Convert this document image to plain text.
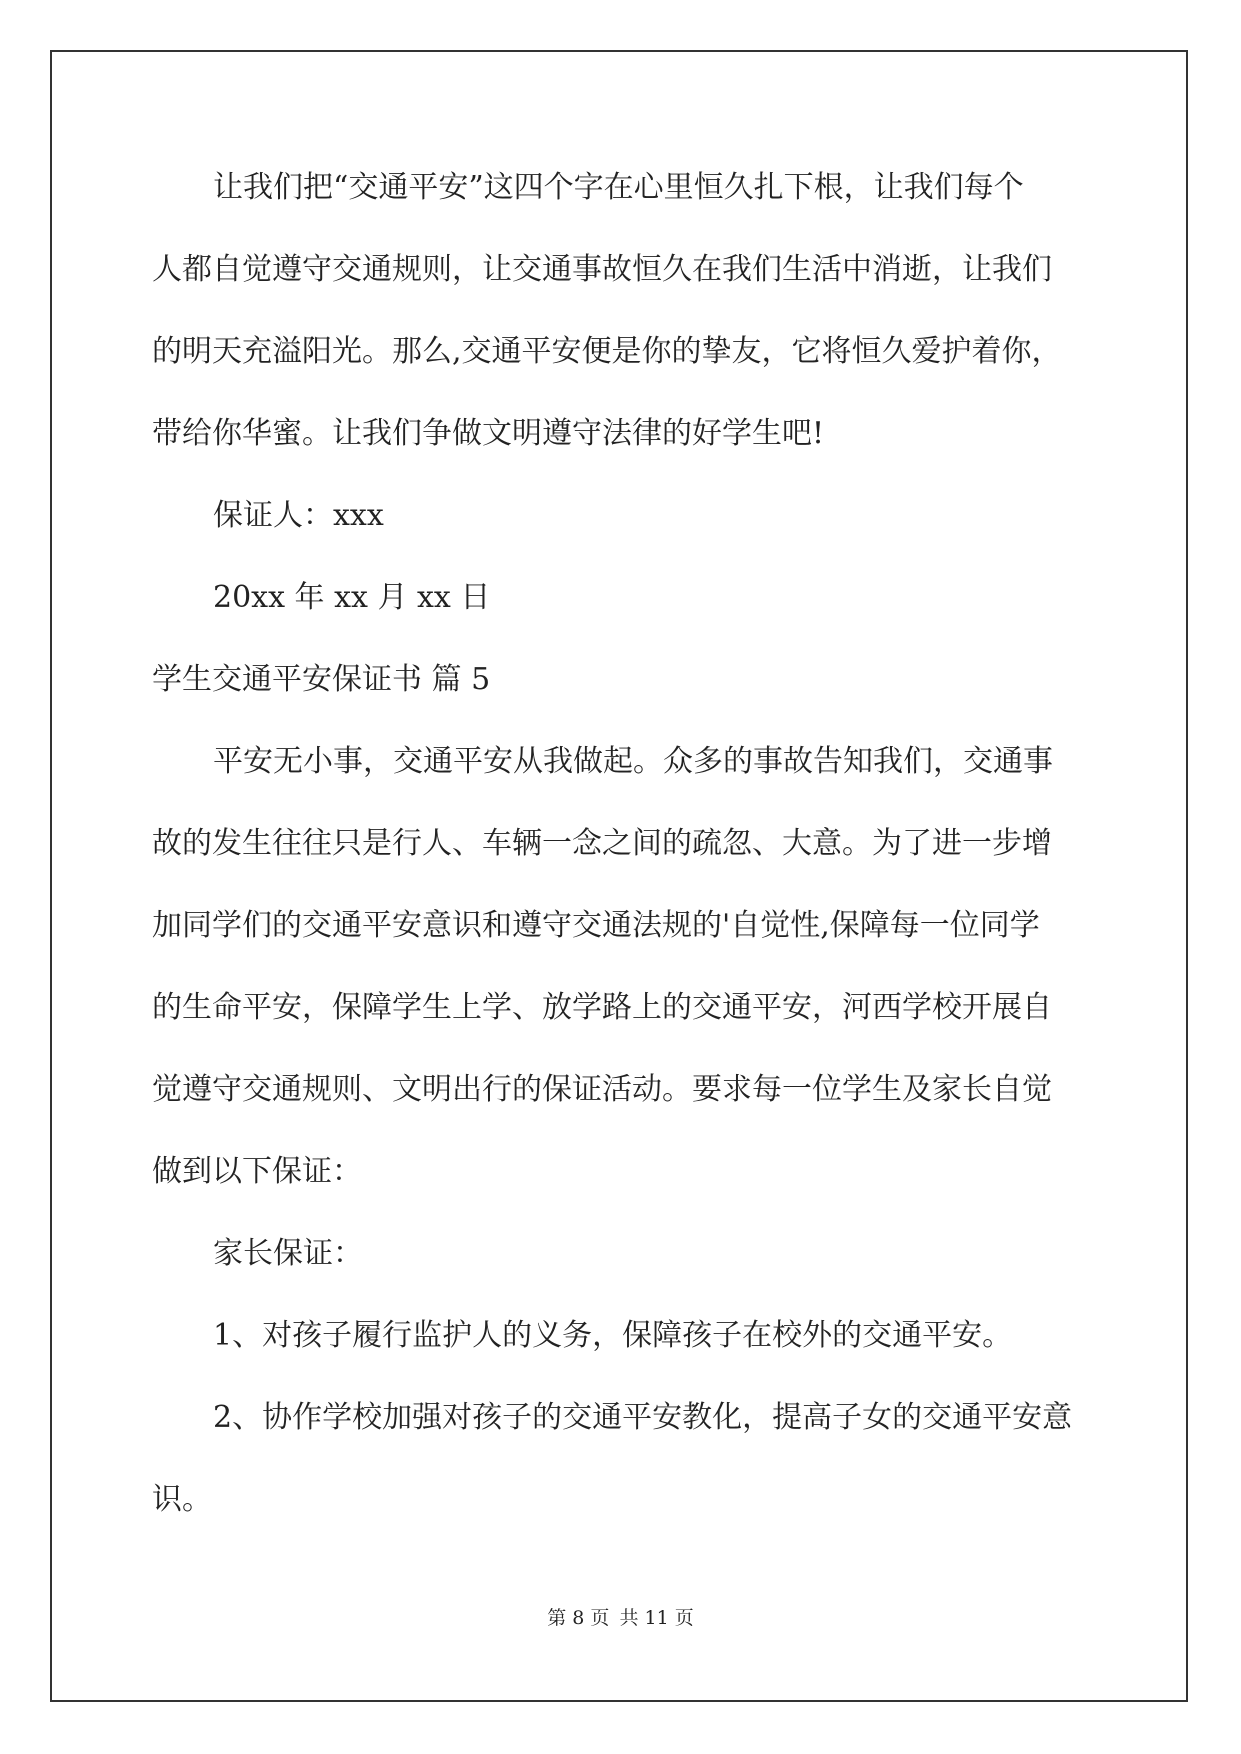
让我们把“交通平安”这四个字在心里恒久扎下根，让我们每个
人都自觉遵守交通规则，让交通事故恒久在我们生活中消逝，让我们
的明天充溢阳光。那么,交通平安便是你的挚友，它将恒久爱护着你，
带给你华蜜。让我们争做文明遵守法律的好学生吧!
保证人：xxx
20xx 年 xx 月 xx 日
学生交通平安保证书 篇 5
平安无小事，交通平安从我做起。众多的事故告知我们，交通事
故的发生往往只是行人、车辆一念之间的疏忽、大意。为了进一步增
加同学们的交通平安意识和遵守交通法规的'自觉性,保障每一位同学
的生命平安，保障学生上学、放学路上的交通平安，河西学校开展自
觉遵守交通规则、文明出行的保证活动。要求每一位学生及家长自觉
做到以下保证：
家长保证：
1、对孩子履行监护人的义务，保障孩子在校外的交通平安。
2、协作学校加强对孩子的交通平安教化，提高子女的交通平安意
识。
第 8 页 共 11 页
